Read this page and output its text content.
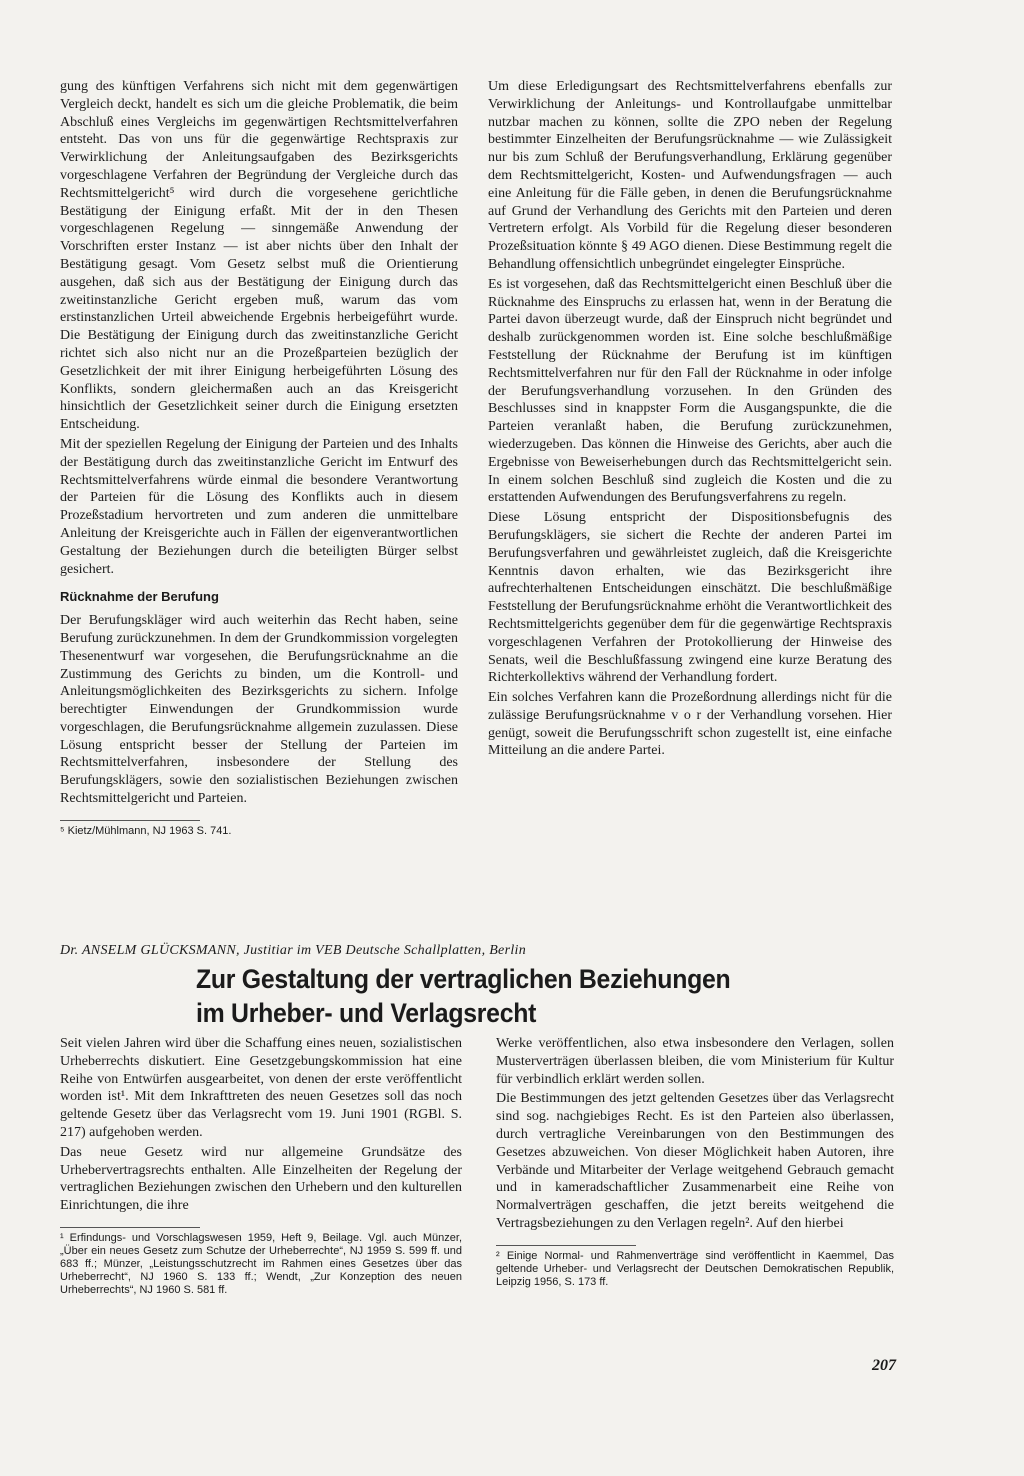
gung des künftigen Verfahrens sich nicht mit dem gegenwärtigen Vergleich deckt, handelt es sich um die gleiche Problematik, die beim Abschluß eines Vergleichs im gegenwärtigen Rechtsmittelverfahren entsteht. Das von uns für die gegenwärtige Rechtspraxis zur Verwirklichung der Anleitungsaufgaben des Bezirksgerichts vorgeschlagene Verfahren der Begründung der Vergleiche durch das Rechtsmittelgericht⁵ wird durch die vorgesehene gerichtliche Bestätigung der Einigung erfaßt. Mit der in den Thesen vorgeschlagenen Regelung — sinngemäße Anwendung der Vorschriften erster Instanz — ist aber nichts über den Inhalt der Bestätigung gesagt. Vom Gesetz selbst muß die Orientierung ausgehen, daß sich aus der Bestätigung der Einigung durch das zweitinstanzliche Gericht ergeben muß, warum das vom erstinstanzlichen Urteil abweichende Ergebnis herbeigeführt wurde. Die Bestätigung der Einigung durch das zweitinstanzliche Gericht richtet sich also nicht nur an die Prozeßparteien bezüglich der Gesetzlichkeit der mit ihrer Einigung herbeigeführten Lösung des Konflikts, sondern gleichermaßen auch an das Kreisgericht hinsichtlich der Gesetzlichkeit seiner durch die Einigung ersetzten Entscheidung.

Mit der speziellen Regelung der Einigung der Parteien und des Inhalts der Bestätigung durch das zweitinstanzliche Gericht im Entwurf des Rechtsmittelverfahrens würde einmal die besondere Verantwortung der Parteien für die Lösung des Konflikts auch in diesem Prozeßstadium hervortreten und zum anderen die unmittelbare Anleitung der Kreisgerichte auch in Fällen der eigenverantwortlichen Gestaltung der Beziehungen durch die beteiligten Bürger selbst gesichert.

Rücknahme der Berufung

Der Berufungskläger wird auch weiterhin das Recht haben, seine Berufung zurückzunehmen. In dem der Grundkommission vorgelegten Thesenentwurf war vorgesehen, die Berufungsrücknahme an die Zustimmung des Gerichts zu binden, um die Kontroll- und Anleitungsmöglichkeiten des Bezirksgerichts zu sichern. Infolge berechtigter Einwendungen der Grundkommission wurde vorgeschlagen, die Berufungsrücknahme allgemein zuzulassen. Diese Lösung entspricht besser der Stellung der Parteien im Rechtsmittelverfahren, insbesondere der Stellung des Berufungsklägers, sowie den sozialistischen Beziehungen zwischen Rechtsmittelgericht und Parteien.

⁵ Kietz/Mühlmann, NJ 1963 S. 741.

Um diese Erledigungsart des Rechtsmittelverfahrens ebenfalls zur Verwirklichung der Anleitungs- und Kontrollaufgabe unmittelbar nutzbar machen zu können, sollte die ZPO neben der Regelung bestimmter Einzelheiten der Berufungsrücknahme — wie Zulässigkeit nur bis zum Schluß der Berufungsverhandlung, Erklärung gegenüber dem Rechtsmittelgericht, Kosten- und Aufwendungsfragen — auch eine Anleitung für die Fälle geben, in denen die Berufungsrücknahme auf Grund der Verhandlung des Gerichts mit den Parteien und deren Vertretern erfolgt. Als Vorbild für die Regelung dieser besonderen Prozeßsituation könnte § 49 AGO dienen. Diese Bestimmung regelt die Behandlung offensichtlich unbegründet eingelegter Einsprüche.

Es ist vorgesehen, daß das Rechtsmittelgericht einen Beschluß über die Rücknahme des Einspruchs zu erlassen hat, wenn in der Beratung die Partei davon überzeugt wurde, daß der Einspruch nicht begründet und deshalb zurückgenommen worden ist. Eine solche beschlußmäßige Feststellung der Rücknahme der Berufung ist im künftigen Rechtsmittelverfahren nur für den Fall der Rücknahme in oder infolge der Berufungsverhandlung vorzusehen. In den Gründen des Beschlusses sind in knappster Form die Ausgangspunkte, die die Parteien veranlaßt haben, die Berufung zurückzunehmen, wiederzugeben. Das können die Hinweise des Gerichts, aber auch die Ergebnisse von Beweiserhebungen durch das Rechtsmittelgericht sein. In einem solchen Beschluß sind zugleich die Kosten und die zu erstattenden Aufwendungen des Berufungsverfahrens zu regeln.

Diese Lösung entspricht der Dispositionsbefugnis des Berufungsklägers, sie sichert die Rechte der anderen Partei im Berufungsverfahren und gewährleistet zugleich, daß die Kreisgerichte Kenntnis davon erhalten, wie das Bezirksgericht ihre aufrechterhaltenen Entscheidungen einschätzt. Die beschlußmäßige Feststellung der Berufungsrücknahme erhöht die Verantwortlichkeit des Rechtsmittelgerichts gegenüber dem für die gegenwärtige Rechtspraxis vorgeschlagenen Verfahren der Protokollierung der Hinweise des Senats, weil die Beschlußfassung zwingend eine kurze Beratung des Richterkollektivs während der Verhandlung fordert.

Ein solches Verfahren kann die Prozeßordnung allerdings nicht für die zulässige Berufungsrücknahme v o r der Verhandlung vorsehen. Hier genügt, soweit die Berufungsschrift schon zugestellt ist, eine einfache Mitteilung an die andere Partei.

Dr. ANSELM GLÜCKSMANN, Justitiar im VEB Deutsche Schallplatten, Berlin
Zur Gestaltung der vertraglichen Beziehungen
im Urheber- und Verlagsrecht

Seit vielen Jahren wird über die Schaffung eines neuen, sozialistischen Urheberrechts diskutiert. Eine Gesetzgebungskommission hat eine Reihe von Entwürfen ausgearbeitet, von denen der erste veröffentlicht worden ist¹. Mit dem Inkrafttreten des neuen Gesetzes soll das noch geltende Gesetz über das Verlagsrecht vom 19. Juni 1901 (RGBl. S. 217) aufgehoben werden.

Das neue Gesetz wird nur allgemeine Grundsätze des Urhebervertragsrechts enthalten. Alle Einzelheiten der Regelung der vertraglichen Beziehungen zwischen den Urhebern und den kulturellen Einrichtungen, die ihre

¹ Erfindungs- und Vorschlagswesen 1959, Heft 9, Beilage. Vgl. auch Münzer, „Über ein neues Gesetz zum Schutze der Urheberrechte“, NJ 1959 S. 599 ff. und 683 ff.; Münzer, „Leistungsschutzrecht im Rahmen eines Gesetzes über das Urheberrecht“, NJ 1960 S. 133 ff.; Wendt, „Zur Konzeption des neuen Urheberrechts“, NJ 1960 S. 581 ff.

Werke veröffentlichen, also etwa insbesondere den Verlagen, sollen Musterverträgen überlassen bleiben, die vom Ministerium für Kultur für verbindlich erklärt werden sollen.

Die Bestimmungen des jetzt geltenden Gesetzes über das Verlagsrecht sind sog. nachgiebiges Recht. Es ist den Parteien also überlassen, durch vertragliche Vereinbarungen von den Bestimmungen des Gesetzes abzuweichen. Von dieser Möglichkeit haben Autoren, ihre Verbände und Mitarbeiter der Verlage weitgehend Gebrauch gemacht und in kameradschaftlicher Zusammenarbeit eine Reihe von Normalverträgen geschaffen, die jetzt bereits weitgehend die Vertragsbeziehungen zu den Verlagen regeln². Auf den hierbei

² Einige Normal- und Rahmenverträge sind veröffentlicht in Kaemmel, Das geltende Urheber- und Verlagsrecht der Deutschen Demokratischen Republik, Leipzig 1956, S. 173 ff.
207
